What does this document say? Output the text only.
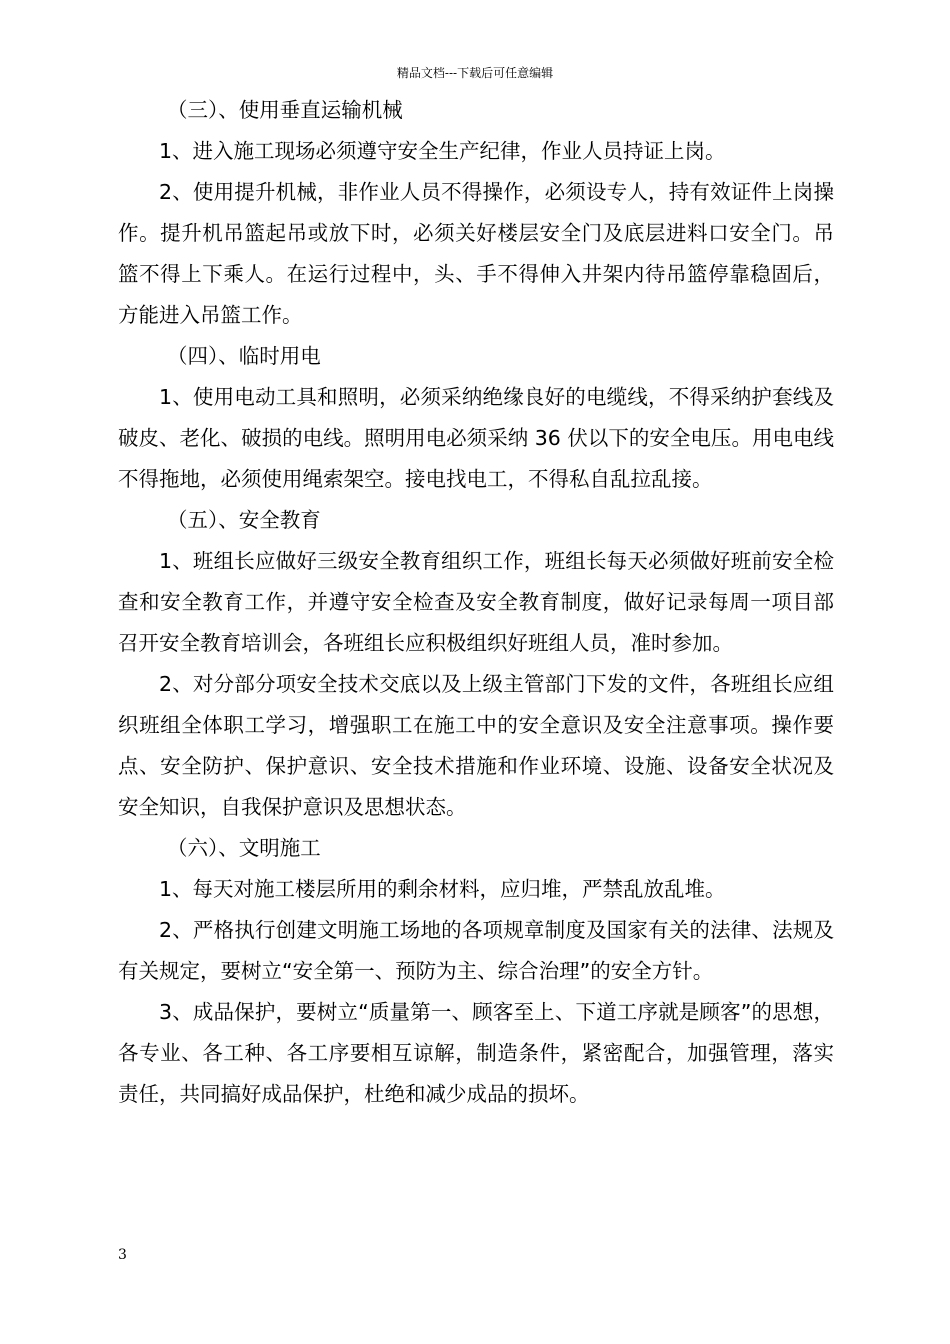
精品文档---下载后可任意编辑

（三）、使用垂直运输机械

1、进入施工现场必须遵守安全生产纪律，作业人员持证上岗。

2、使用提升机械，非作业人员不得操作，必须设专人，持有效证件上岗操作。提升机吊篮起吊或放下时，必须关好楼层安全门及底层进料口安全门。吊篮不得上下乘人。在运行过程中，头、手不得伸入井架内待吊篮停靠稳固后，方能进入吊篮工作。

（四）、临时用电

1、使用电动工具和照明，必须采纳绝缘良好的电缆线，不得采纳护套线及破皮、老化、破损的电线。照明用电必须采纳 36 伏以下的安全电压。用电电线不得拖地，必须使用绳索架空。接电找电工，不得私自乱拉乱接。

（五）、安全教育

1、班组长应做好三级安全教育组织工作，班组长每天必须做好班前安全检查和安全教育工作，并遵守安全检查及安全教育制度，做好记录每周一项目部召开安全教育培训会，各班组长应积极组织好班组人员，准时参加。

2、对分部分项安全技术交底以及上级主管部门下发的文件，各班组长应组织班组全体职工学习，增强职工在施工中的安全意识及安全注意事项。操作要点、安全防护、保护意识、安全技术措施和作业环境、设施、设备安全状况及安全知识，自我保护意识及思想状态。

（六）、文明施工

1、每天对施工楼层所用的剩余材料，应归堆，严禁乱放乱堆。

2、严格执行创建文明施工场地的各项规章制度及国家有关的法律、法规及有关规定，要树立“安全第一、预防为主、综合治理”的安全方针。

3、成品保护，要树立“质量第一、顾客至上、下道工序就是顾客”的思想，各专业、各工种、各工序要相互谅解，制造条件，紧密配合，加强管理，落实责任，共同搞好成品保护，杜绝和减少成品的损坏。

3
